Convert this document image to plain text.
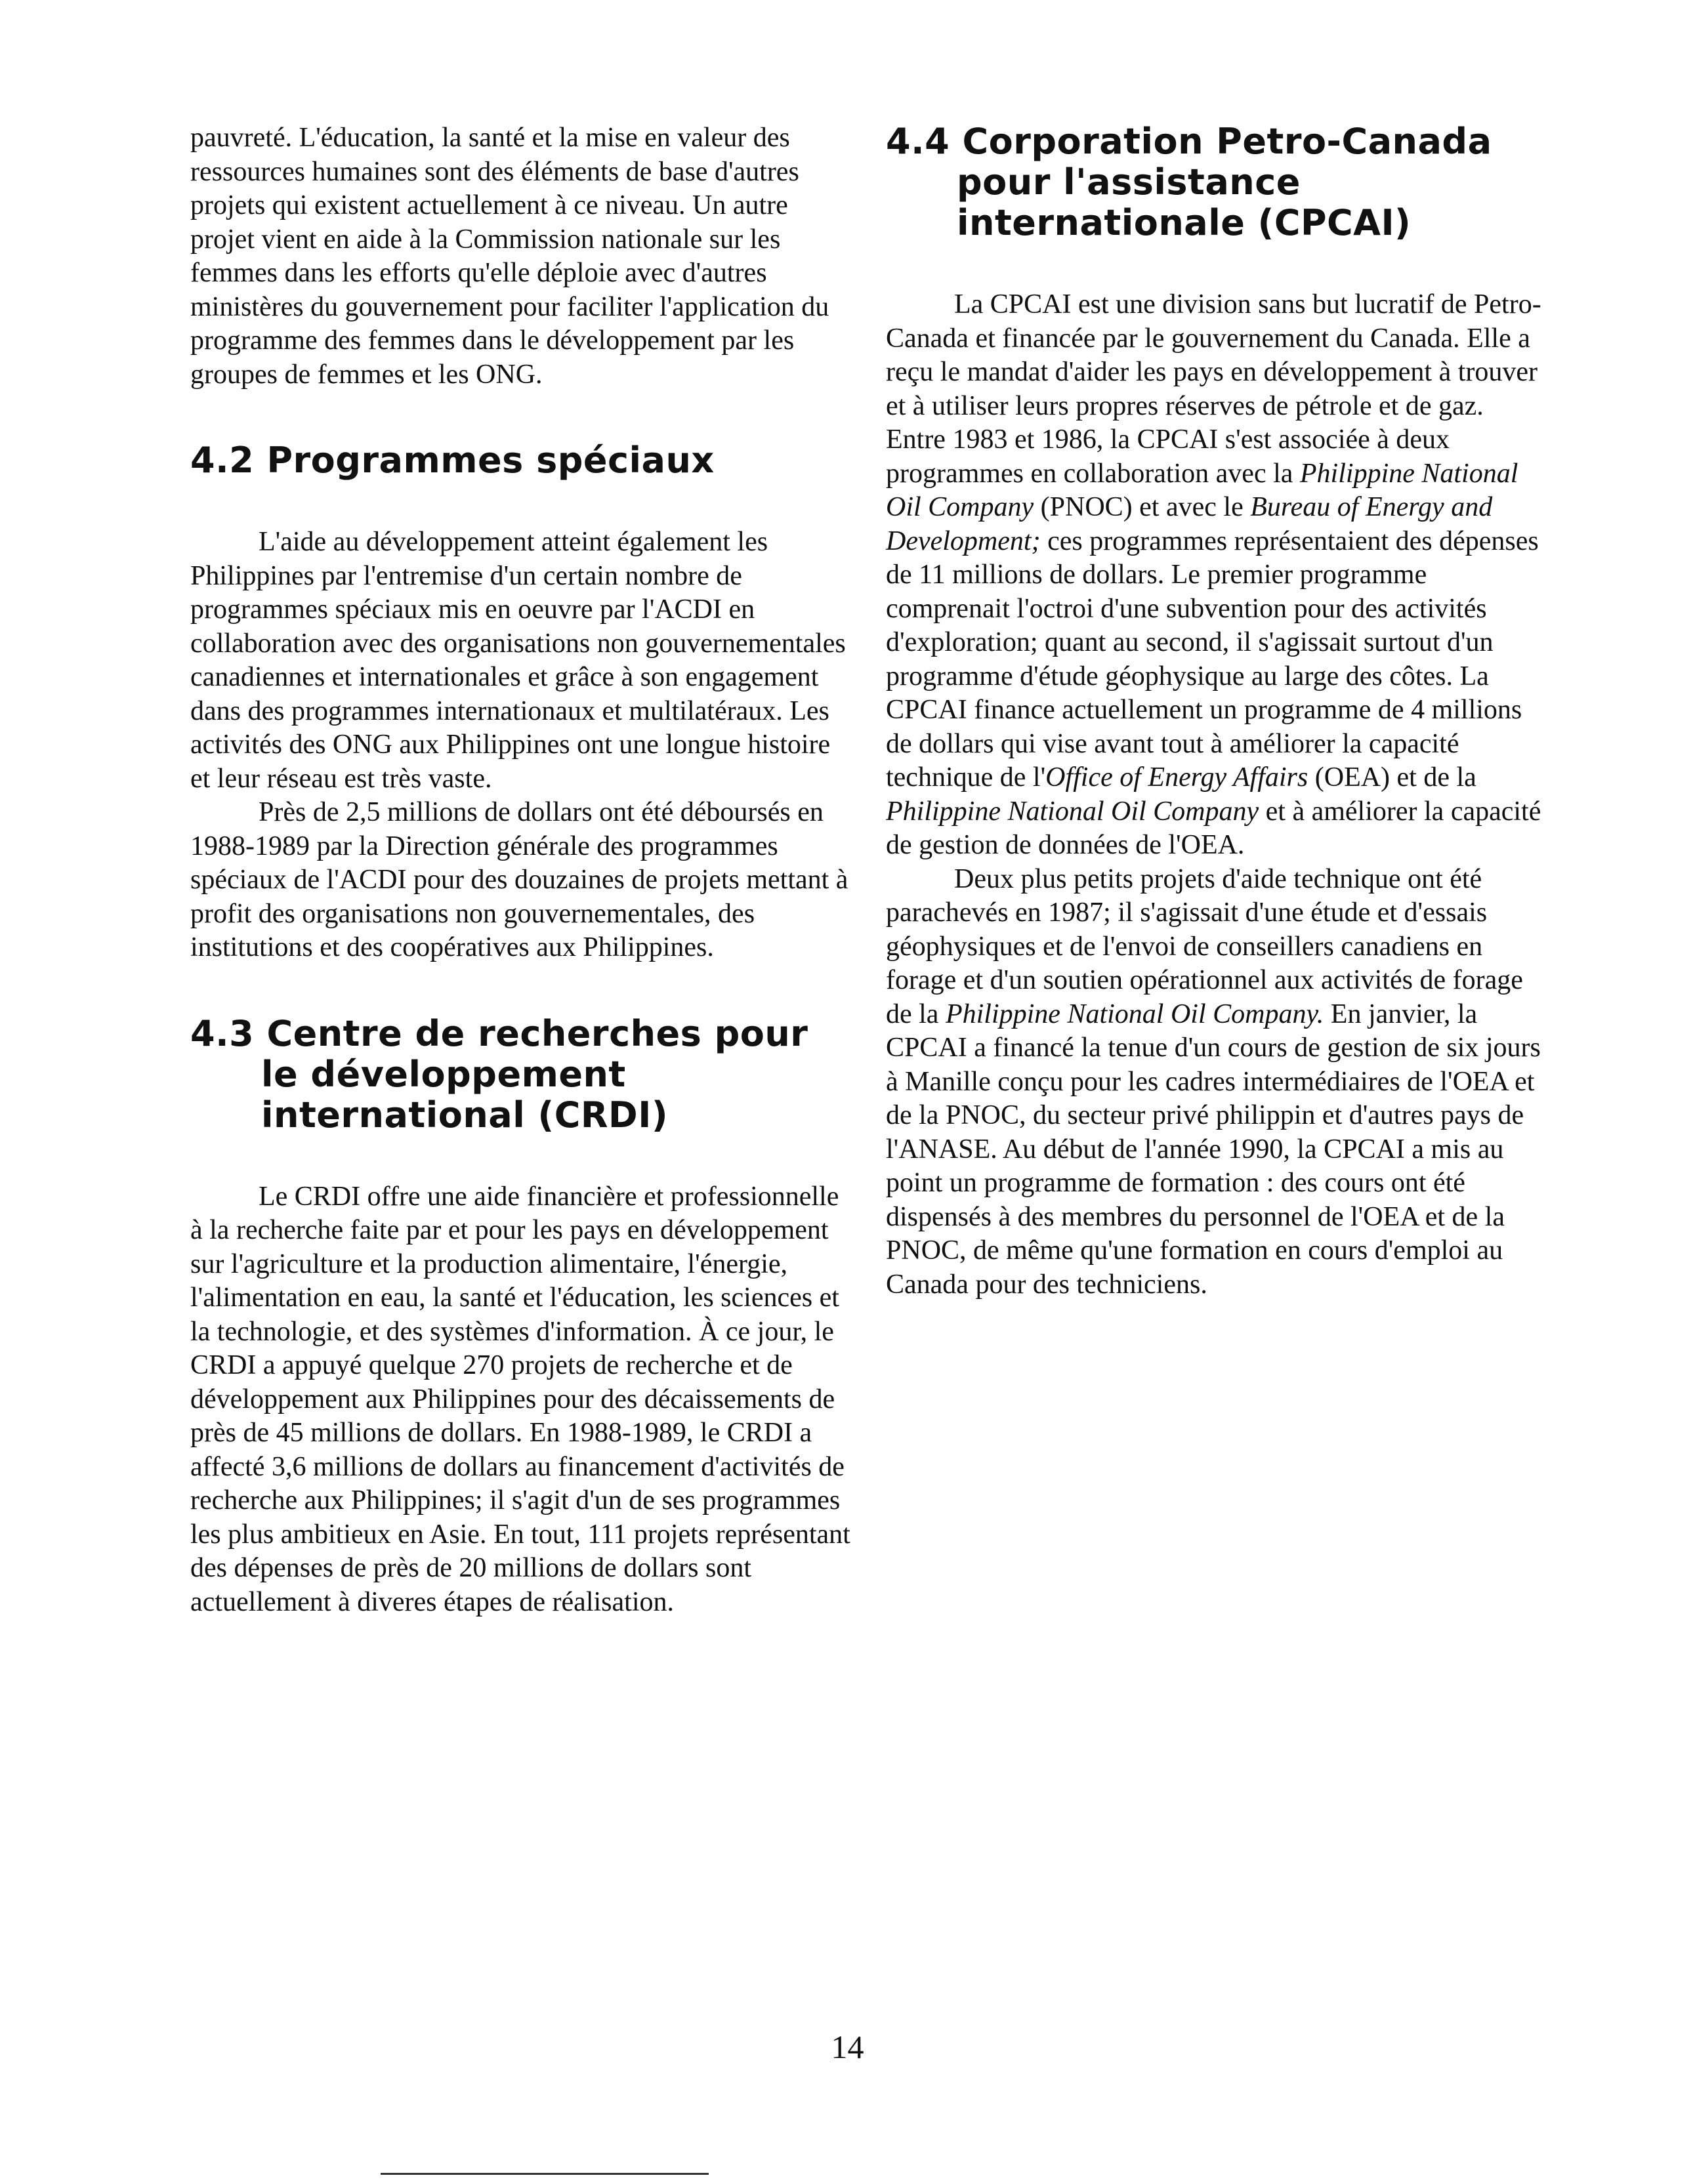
pauvreté. L'éducation, la santé et la mise en valeur des ressources humaines sont des éléments de base d'autres projets qui existent actuellement à ce niveau. Un autre projet vient en aide à la Commission nationale sur les femmes dans les efforts qu'elle déploie avec d'autres ministères du gouvernement pour faciliter l'application du programme des femmes dans le développement par les groupes de femmes et les ONG.

4.2 Programmes spéciaux

L'aide au développement atteint également les Philippines par l'entremise d'un certain nombre de programmes spéciaux mis en oeuvre par l'ACDI en collaboration avec des organisations non gouvernementales canadiennes et internationales et grâce à son engagement dans des programmes internationaux et multilatéraux. Les activités des ONG aux Philippines ont une longue histoire et leur réseau est très vaste.

Près de 2,5 millions de dollars ont été déboursés en 1988-1989 par la Direction générale des programmes spéciaux de l'ACDI pour des douzaines de projets mettant à profit des organisations non gouvernementales, des institutions et des coopératives aux Philippines.

4.3 Centre de recherches pour le développement international (CRDI)

Le CRDI offre une aide financière et professionnelle à la recherche faite par et pour les pays en développement sur l'agriculture et la production alimentaire, l'énergie, l'alimentation en eau, la santé et l'éducation, les sciences et la technologie, et des systèmes d'information. À ce jour, le CRDI a appuyé quelque 270 projets de recherche et de développement aux Philippines pour des décaissements de près de 45 millions de dollars. En 1988-1989, le CRDI a affecté 3,6 millions de dollars au financement d'activités de recherche aux Philippines; il s'agit d'un de ses programmes les plus ambitieux en Asie. En tout, 111 projets représentant des dépenses de près de 20 millions de dollars sont actuellement à diveres étapes de réalisation.

4.4 Corporation Petro-Canada pour l'assistance internationale (CPCAI)

La CPCAI est une division sans but lucratif de Petro-Canada et financée par le gouvernement du Canada. Elle a reçu le mandat d'aider les pays en développement à trouver et à utiliser leurs propres réserves de pétrole et de gaz. Entre 1983 et 1986, la CPCAI s'est associée à deux programmes en collaboration avec la Philippine National Oil Company (PNOC) et avec le Bureau of Energy and Development; ces programmes représentaient des dépenses de 11 millions de dollars. Le premier programme comprenait l'octroi d'une subvention pour des activités d'exploration; quant au second, il s'agissait surtout d'un programme d'étude géophysique au large des côtes. La CPCAI finance actuellement un programme de 4 millions de dollars qui vise avant tout à améliorer la capacité technique de l'Office of Energy Affairs (OEA) et de la Philippine National Oil Company et à améliorer la capacité de gestion de données de l'OEA.

Deux plus petits projets d'aide technique ont été parachevés en 1987; il s'agissait d'une étude et d'essais géophysiques et de l'envoi de conseillers canadiens en forage et d'un soutien opérationnel aux activités de forage de la Philippine National Oil Company. En janvier, la CPCAI a financé la tenue d'un cours de gestion de six jours à Manille conçu pour les cadres intermédiaires de l'OEA et de la PNOC, du secteur privé philippin et d'autres pays de l'ANASE. Au début de l'année 1990, la CPCAI a mis au point un programme de formation : des cours ont été dispensés à des membres du personnel de l'OEA et de la PNOC, de même qu'une formation en cours d'emploi au Canada pour des techniciens.

14
